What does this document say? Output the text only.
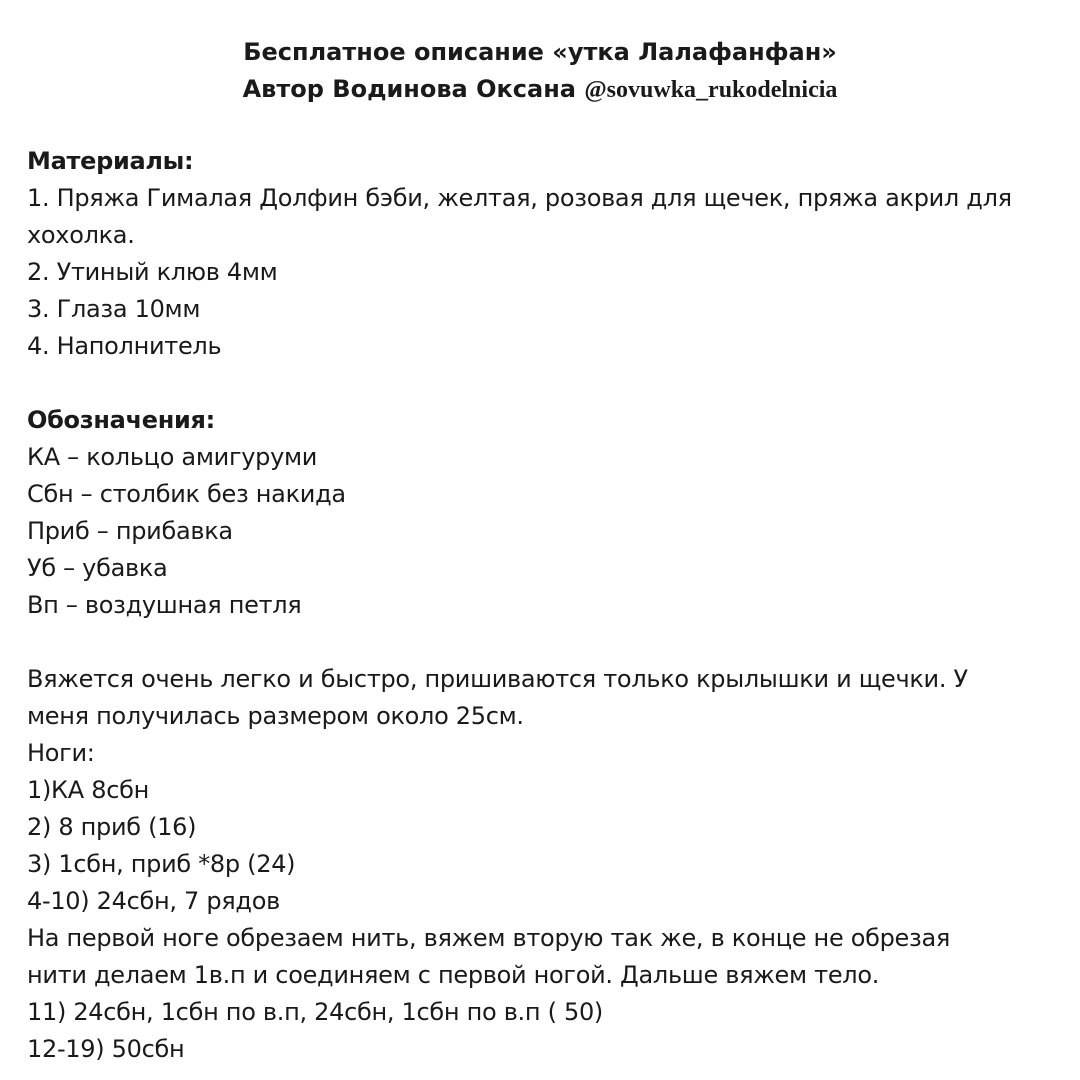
Бесплатное описание «утка Лалафанфан»
Автор Водинова Оксана @sovuwka_rukodelnicia
Материалы:
1. Пряжа Гималая Долфин бэби, желтая, розовая для щечек, пряжа акрил для
хохолка.
2. Утиный клюв 4мм
3. Глаза 10мм
4. Наполнитель
Обозначения:
КА – кольцо амигуруми
Сбн – столбик без накида
Приб – прибавка
Уб – убавка
Вп – воздушная петля
Вяжется очень легко и быстро, пришиваются только крылышки и щечки. У
меня получилась размером около 25см.
Ноги:
1)КА 8сбн
2) 8 приб (16)
3) 1сбн, приб *8р (24)
4-10) 24сбн, 7 рядов
На первой ноге обрезаем нить, вяжем вторую так же, в конце не обрезая
нити делаем 1в.п и соединяем с первой ногой. Дальше вяжем тело.
11) 24сбн, 1сбн по в.п, 24сбн, 1сбн по в.п ( 50)
12-19) 50сбн
